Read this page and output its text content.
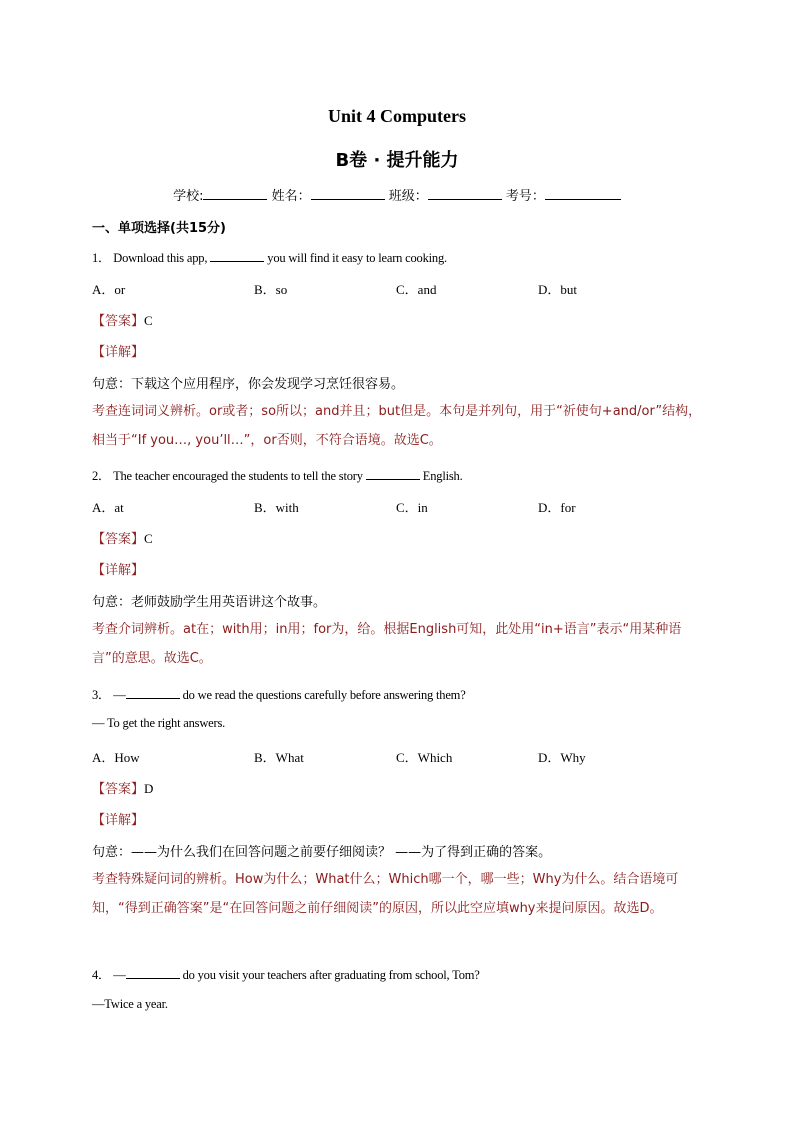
Unit 4 Computers
B卷 · 提升能力
学校:	姓名：	班级：	考号：
一、单项选择(共15分)
1． Download this app,	you will find it easy to learn cooking.
A．or	B．so	C．and	D．but
【答案】C
【详解】
句意：下载这个应用程序，你会发现学习烹饪很容易。
考查连词词义辨析。or或者；so所以；and并且；but但是。本句是并列句，用于“祈使句+and/or”结构，相当于“If you…, you’ll…”，or否则，不符合语境。故选C。
2． The teacher encouraged the students to tell the story	English.
A．at	B．with	C．in	D．for
【答案】C
【详解】
句意：老师鼓励学生用英语讲这个故事。
考查介词辨析。at在；with用；in用；for为，给。根据English可知，此处用“in+语言”表示“用某种语言”的意思。故选C。
3． —	do we read the questions carefully before answering them?
— To get the right answers.
A．How	B．What	C．Which	D．Why
【答案】D
【详解】
句意：——为什么我们在回答问题之前要仔细阅读？ ——为了得到正确的答案。
考查特殊疑问词的辨析。How为什么；What什么；Which哪一个，哪一些；Why为什么。结合语境可知，“得到正确答案”是“在回答问题之前仔细阅读”的原因，所以此空应填why来提问原因。故选D。
4． —	do you visit your teachers after graduating from school, Tom?
—Twice a year.
